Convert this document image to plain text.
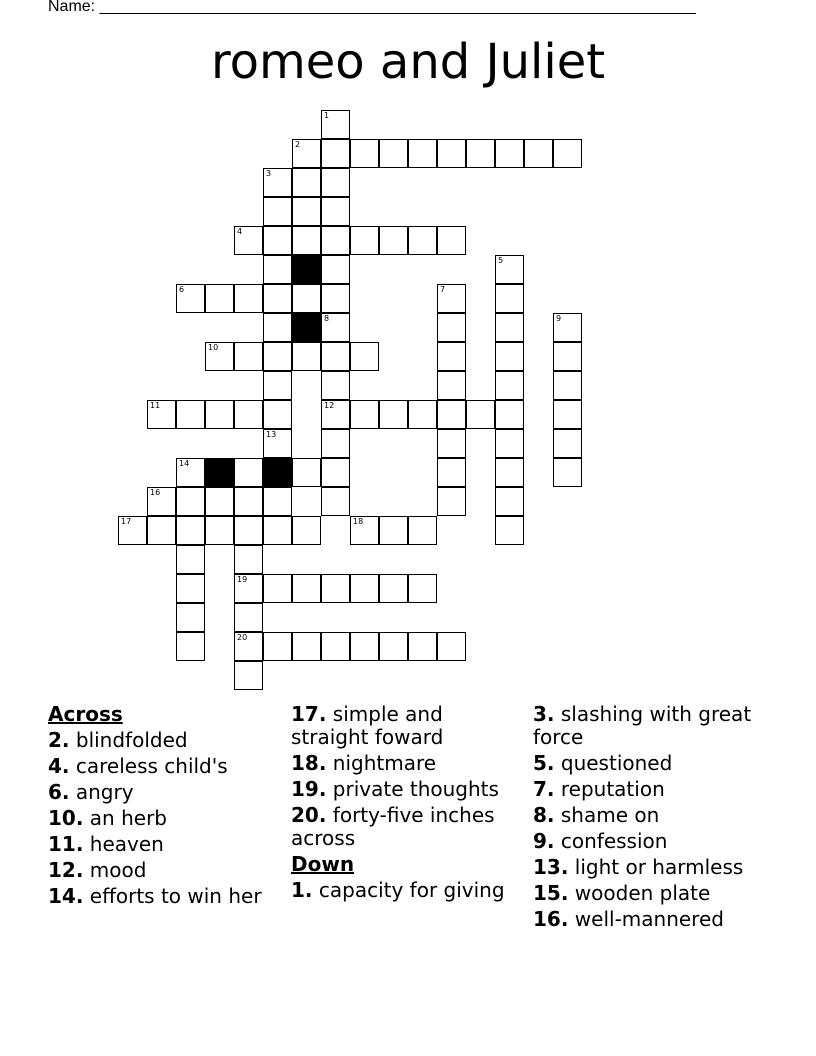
Name: ___________________________________________________________________
romeo and Juliet
1
2
3
4
5
6	7
8	9
10
11	12
13
14 15
16
18
19
20
17
Across
2. blindfolded
4. careless child's
6. angry
10. an herb
11. heaven
12. mood
14. efforts to win her
17. simple and straight foward
18. nightmare
19. private thoughts
20. forty-five inches across
Down
1. capacity for giving
3. slashing with great force
5. questioned
7. reputation
8. shame on
9. confession
13. light or harmless
15. wooden plate
16. well-mannered
